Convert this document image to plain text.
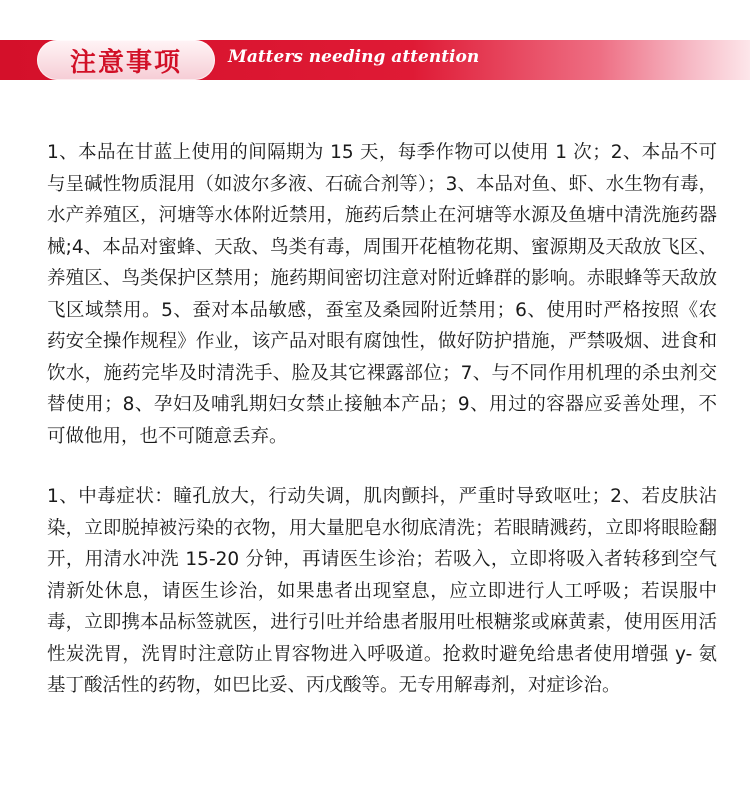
注意事项	Matters needing attention

1、本品在甘蓝上使用的间隔期为 15 天，每季作物可以使用 1 次；2、本品不可与呈碱性物质混用（如波尔多液、石硫合剂等）；3、本品对鱼、虾、水生物有毒，水产养殖区，河塘等水体附近禁用，施药后禁止在河塘等水源及鱼塘中清洗施药器械;4、本品对蜜蜂、天敌、鸟类有毒，周围开花植物花期、蜜源期及天敌放飞区、养殖区、鸟类保护区禁用；施药期间密切注意对附近蜂群的影响。赤眼蜂等天敌放飞区域禁用。5、蚕对本品敏感，蚕室及桑园附近禁用；6、使用时严格按照《农药安全操作规程》作业，该产品对眼有腐蚀性，做好防护措施，严禁吸烟、进食和饮水，施药完毕及时清洗手、脸及其它裸露部位；7、与不同作用机理的杀虫剂交替使用；8、孕妇及哺乳期妇女禁止接触本产品；9、用过的容器应妥善处理，不可做他用，也不可随意丢弃。

1、中毒症状：瞳孔放大，行动失调，肌肉颤抖，严重时导致呕吐；2、若皮肤沾染，立即脱掉被污染的衣物，用大量肥皂水彻底清洗；若眼睛溅药，立即将眼睑翻开，用清水冲洗 15-20 分钟，再请医生诊治；若吸入，立即将吸入者转移到空气清新处休息，请医生诊治，如果患者出现窒息，应立即进行人工呼吸；若误服中毒，立即携本品标签就医，进行引吐并给患者服用吐根糖浆或麻黄素，使用医用活性炭洗胃，洗胃时注意防止胃容物进入呼吸道。抢救时避免给患者使用增强 y- 氨基丁酸活性的药物，如巴比妥、丙戊酸等。无专用解毒剂，对症诊治。
